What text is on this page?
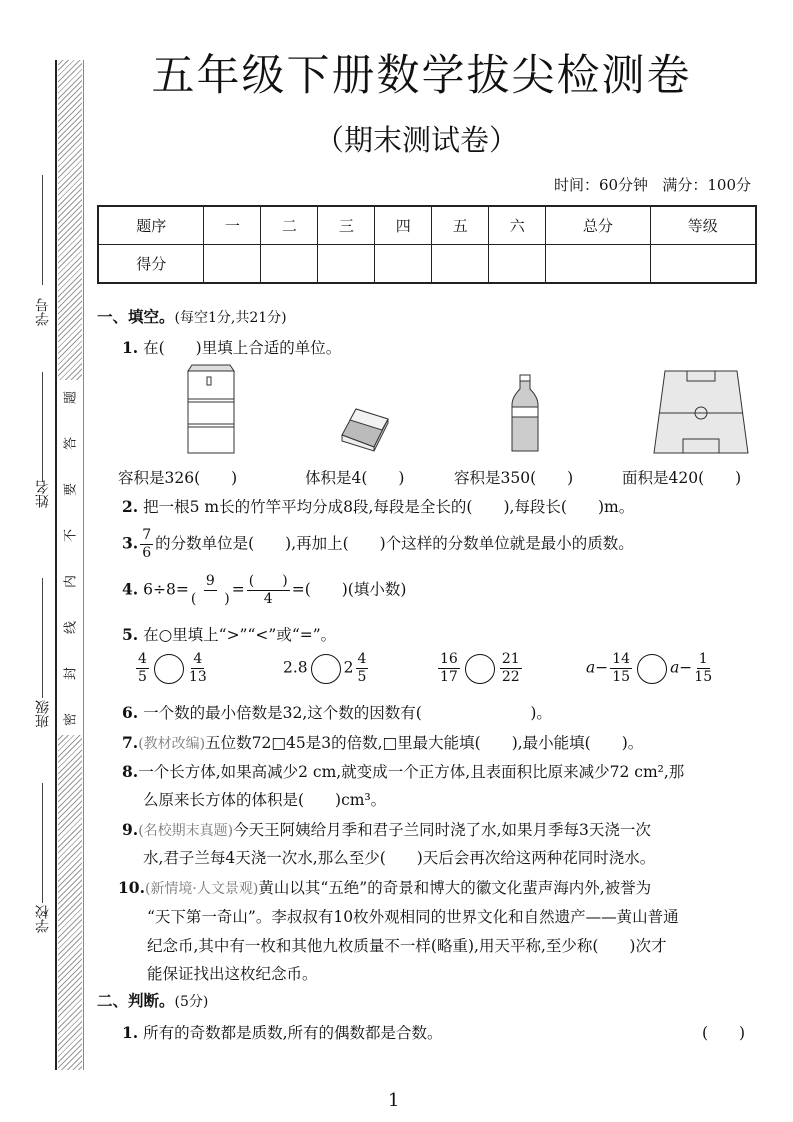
学号
姓名
班级
学校
题
答
要
不
内
线
封
密
五年级下册数学拔尖检测卷
（期末测试卷）
时间：60分钟 满分：100分
题序	一	二	三	四	五	六	总分	等级
得分								
一、填空。(每空1分,共21分)
1. 在(　　)里填上合适的单位。
容积是326(　　)	体积是4(　　)	容积是350(　　)	面积是420(　　)
2. 把一根5 m长的竹竿平均分成8段,每段是全长的(　　),每段长(　　)m。
3. $\frac{7}{6}$ 的分数单位是(　　),再加上(　　)个这样的分数单位就是最小的质数。
4. $6\div 8= \frac{9}{( )} = \frac{( )}{4}$ =(　　)(填小数)
5. 在○里填上“>”“<”或“=”。
$\frac{4}{5}$	$\frac{4}{13}$	2.8 $2 \frac{4}{5}$	$\frac{16}{17}$	$\frac{21}{22}$	$a- \frac{14}{15} a- \frac{1}{15}$
6. 一个数的最小倍数是32,这个数的因数有(　　　　　　　)。
7.(教材改编)五位数72□45是3的倍数,□里最大能填(　　),最小能填(　　)。
8.一个长方体,如果高减少2 cm,就变成一个正方体,且表面积比原来减少72 cm²,那
么原来长方体的体积是(　　)cm³。
9.(名校期末真题)今天王阿姨给月季和君子兰同时浇了水,如果月季每3天浇一次
水,君子兰每4天浇一次水,那么至少(　　)天后会再次给这两种花同时浇水。
10.(新情境·人文景观)黄山以其“五绝”的奇景和博大的徽文化蜚声海内外,被誉为
“天下第一奇山”。李叔叔有10枚外观相同的世界文化和自然遗产——黄山普通
纪念币,其中有一枚和其他九枚质量不一样(略重),用天平称,至少称(　　)次才
能保证找出这枚纪念币。
二、判断。(5分)
1. 所有的奇数都是质数,所有的偶数都是合数。	(　　)
1
